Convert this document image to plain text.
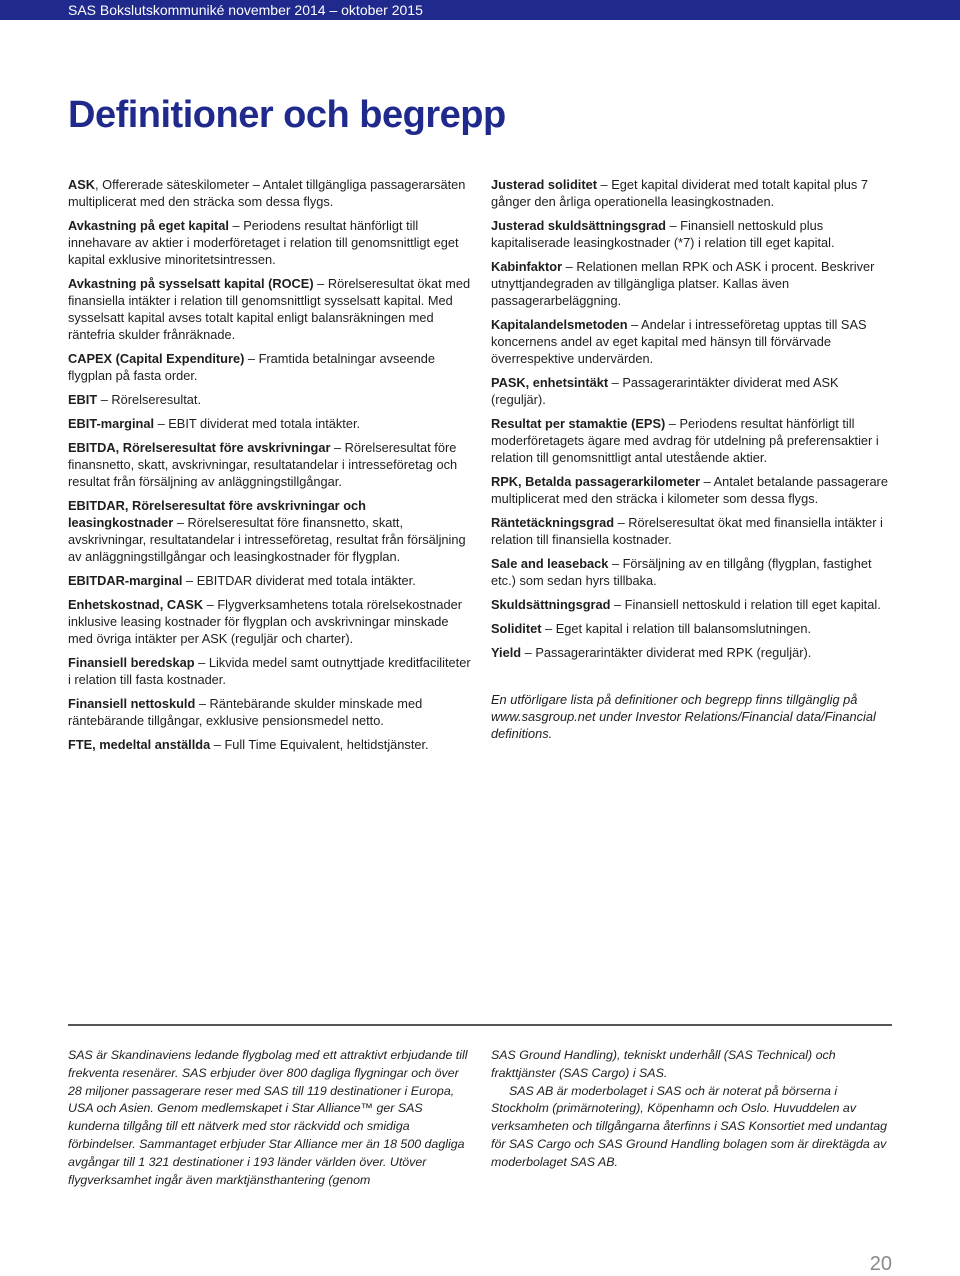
SAS Bokslutskommuniké november 2014 – oktober 2015
Definitioner och begrepp

ASK, Offererade säteskilometer – Antalet tillgängliga passagerarsäten multiplicerat med den sträcka som dessa flygs.

Avkastning på eget kapital – Periodens resultat hänförligt till innehavare av aktier i moderföretaget i relation till genomsnittligt eget kapital exklusive minoritetsintressen.

Avkastning på sysselsatt kapital (ROCE) – Rörelseresultat ökat med finansiella intäkter i relation till genomsnittligt sysselsatt kapital. Med sysselsatt kapital avses totalt kapital enligt balansräkningen med räntefria skulder frånräknade.

CAPEX (Capital Expenditure) – Framtida betalningar avseende flygplan på fasta order.

EBIT – Rörelseresultat.

EBIT-marginal – EBIT dividerat med totala intäkter.

EBITDA, Rörelseresultat före avskrivningar – Rörelseresultat före finansnetto, skatt, avskrivningar, resultatandelar i intresseföretag och resultat från försäljning av anläggningstillgångar.

EBITDAR, Rörelseresultat före avskrivningar och leasingkostnader – Rörelseresultat före finansnetto, skatt, avskrivningar, resultatandelar i intresseföretag, resultat från försäljning av anläggningstillgångar och leasingkostnader för flygplan.

EBITDAR-marginal – EBITDAR dividerat med totala intäkter.

Enhetskostnad, CASK – Flygverksamhetens totala rörelsekostnader inklusive leasing kostnader för flygplan och avskrivningar minskade med övriga intäkter per ASK (reguljär och charter).

Finansiell beredskap – Likvida medel samt outnyttjade kreditfaciliteter i relation till fasta kostnader.

Finansiell nettoskuld – Räntebärande skulder minskade med räntebärande tillgångar, exklusive pensionsmedel netto.

FTE, medeltal anställda – Full Time Equivalent, heltidstjänster.

Justerad soliditet – Eget kapital dividerat med totalt kapital plus 7 gånger den årliga operationella leasingkostnaden.

Justerad skuldsättningsgrad – Finansiell nettoskuld plus kapitaliserade leasingkostnader (*7) i relation till eget kapital.

Kabinfaktor – Relationen mellan RPK och ASK i procent. Beskriver utnyttjandegraden av tillgängliga platser. Kallas även passagerarbeläggning.

Kapitalandelsmetoden – Andelar i intresseföretag upptas till SAS koncernens andel av eget kapital med hänsyn till förvärvade överrespektive undervärden.

PASK, enhetsintäkt – Passagerarintäkter dividerat med ASK (reguljär).

Resultat per stamaktie (EPS) – Periodens resultat hänförligt till moderföretagets ägare med avdrag för utdelning på preferensaktier i relation till genomsnittligt antal utestående aktier.

RPK, Betalda passagerarkilometer – Antalet betalande passagerare multiplicerat med den sträcka i kilometer som dessa flygs.

Räntetäckningsgrad – Rörelseresultat ökat med finansiella intäkter i relation till finansiella kostnader.

Sale and leaseback – Försäljning av en tillgång (flygplan, fastighet etc.) som sedan hyrs tillbaka.

Skuldsättningsgrad – Finansiell nettoskuld i relation till eget kapital.

Soliditet – Eget kapital i relation till balansomslutningen.

Yield – Passagerarintäkter dividerat med RPK (reguljär).

En utförligare lista på definitioner och begrepp finns tillgänglig på www.sasgroup.net under Investor Relations/Financial data/Financial definitions.

SAS är Skandinaviens ledande flygbolag med ett attraktivt erbjudande till frekventa resenärer. SAS erbjuder över 800 dagliga flygningar och över 28 miljoner passagerare reser med SAS till 119 destinationer i Europa, USA och Asien. Genom medlemskapet i Star Alliance™ ger SAS kunderna tillgång till ett nätverk med stor räckvidd och smidiga förbindelser. Sammantaget erbjuder Star Alliance mer än 18 500 dagliga avgångar till 1 321 destinationer i 193 länder världen över. Utöver flygverksamhet ingår även marktjänsthantering (genom

SAS Ground Handling), tekniskt underhåll (SAS Technical) och frakttjänster (SAS Cargo) i SAS.

SAS AB är moderbolaget i SAS och är noterat på börserna i Stockholm (primärnotering), Köpenhamn och Oslo. Huvuddelen av verksamheten och tillgångarna återfinns i SAS Konsortiet med undantag för SAS Cargo och SAS Ground Handling bolagen som är direktägda av moderbolaget SAS AB.

20
